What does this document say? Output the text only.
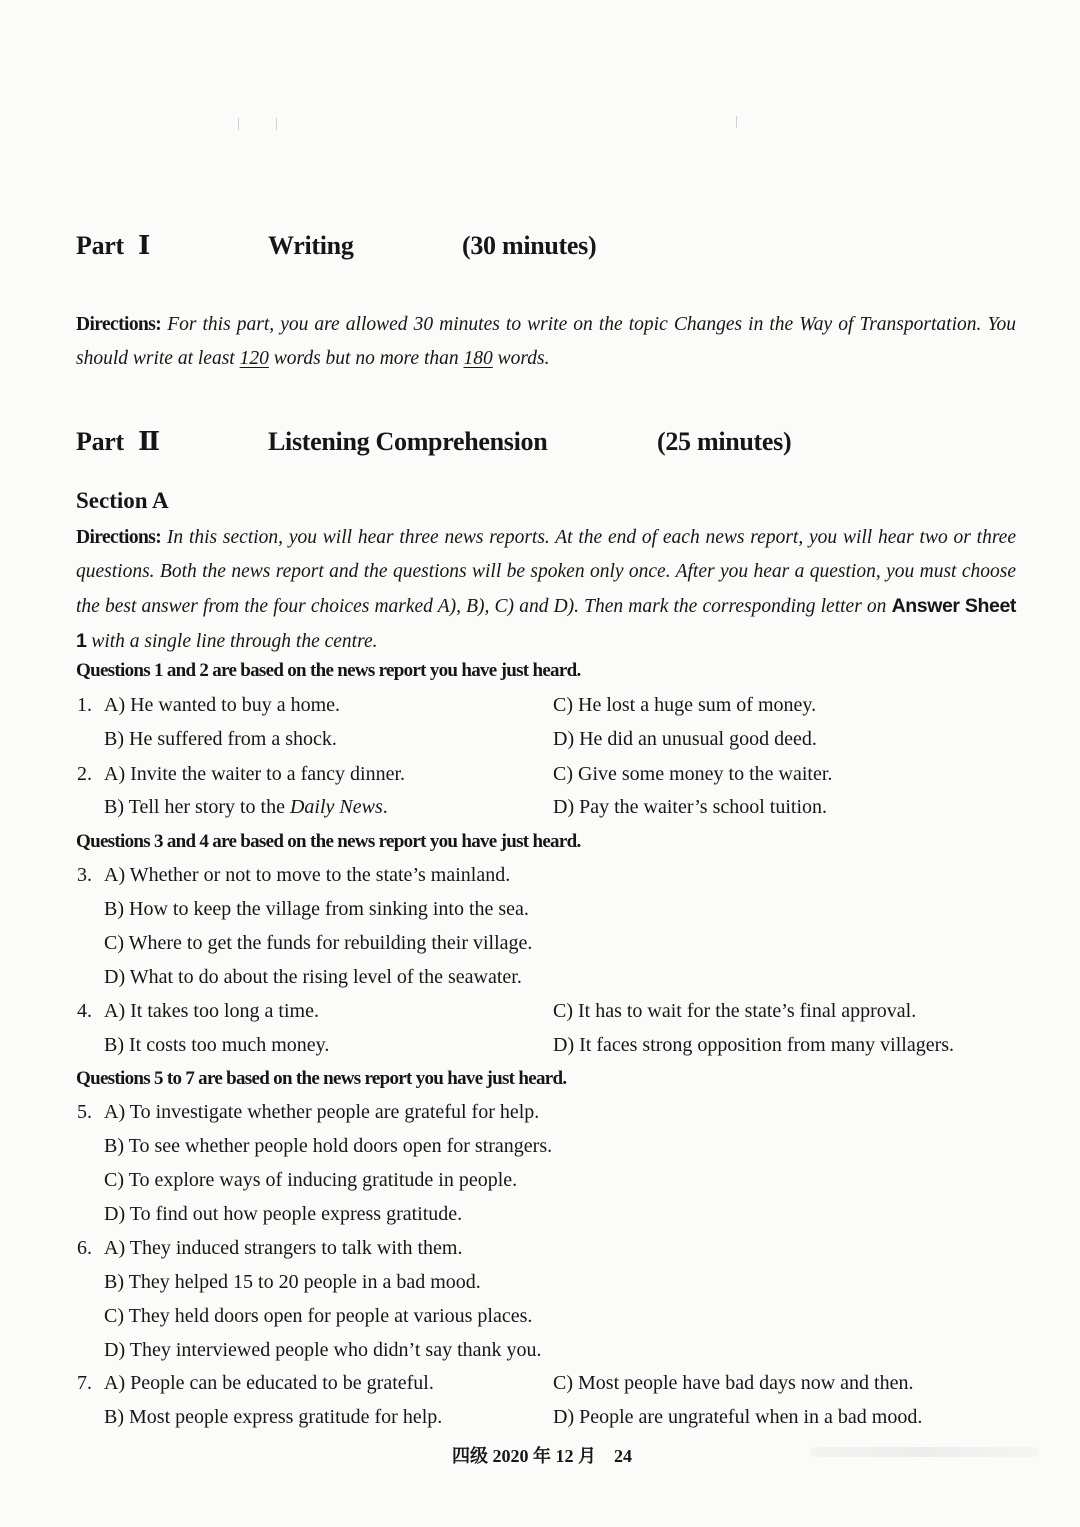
Part Ⅰ	Writing	(30 minutes)
Directions: For this part, you are allowed 30 minutes to write on the topic Changes in the Way of Transportation. You should write at least 120 words but no more than 180 words.
Part Ⅱ	Listening Comprehension	(25 minutes)
Section A
Directions: In this section, you will hear three news reports. At the end of each news report, you will hear two or three questions. Both the news report and the questions will be spoken only once. After you hear a question, you must choose the best answer from the four choices marked A), B), C) and D). Then mark the corresponding letter on Answer Sheet 1 with a single line through the centre.
Questions 1 and 2 are based on the news report you have just heard.
1. A) He wanted to buy a home.	C) He lost a huge sum of money.
B) He suffered from a shock.	D) He did an unusual good deed.
2. A) Invite the waiter to a fancy dinner.	C) Give some money to the waiter.
B) Tell her story to the Daily News.	D) Pay the waiter’s school tuition.
Questions 3 and 4 are based on the news report you have just heard.
3. A) Whether or not to move to the state’s mainland.
B) How to keep the village from sinking into the sea.
C) Where to get the funds for rebuilding their village.
D) What to do about the rising level of the seawater.
4. A) It takes too long a time.	C) It has to wait for the state’s final approval.
B) It costs too much money.	D) It faces strong opposition from many villagers.
Questions 5 to 7 are based on the news report you have just heard.
5. A) To investigate whether people are grateful for help.
B) To see whether people hold doors open for strangers.
C) To explore ways of inducing gratitude in people.
D) To find out how people express gratitude.
6. A) They induced strangers to talk with them.
B) They helped 15 to 20 people in a bad mood.
C) They held doors open for people at various places.
D) They interviewed people who didn’t say thank you.
7. A) People can be educated to be grateful.	C) Most people have bad days now and then.
B) Most people express gratitude for help.	D) People are ungrateful when in a bad mood.
四级 2020 年 12 月　24
